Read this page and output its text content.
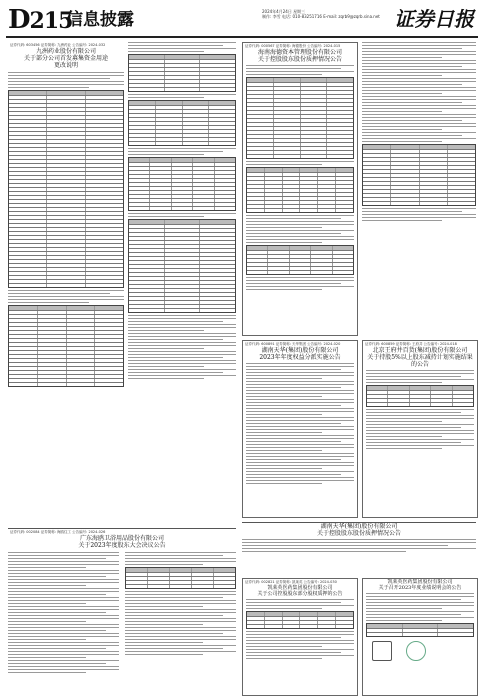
D215
信息披露	2024年4月24日 星期三
制作: 李雪 电话: 010-83251716 E-mail: zqrb9@zqrb.sina.net 证券日报
证券代码: 603456 证券简称: 九洲药业 公告编号: 2024-032
九洲药业股份有限公司
关于部分公司首发募集资金用途
更改说明
证券代码: 002084 证券简称: 海鸥住工 公告编号: 2024-026
广东海鸥卫浴用品股份有限公司
关于2023年度股东大会决议公告
证券代码: 000567 证券简称: 海德股份 公告编号: 2024-015
海南海德资本管理股份有限公司
关于控股股东股份质押情况公告
证券代码: 600891 证券简称: 天华集团 公告编号: 2024-020
湖南天华(集团)股份有限公司
2023年年度权益分派实施公告
证券代码: 600859 证券简称: 王府井 公告编号: 2024-018
北京王府井百货(集团)股份有限公司
关于持股5%以上股东减持计划实施结果
的公告
湖南天华(集团)股份有限公司
关于控股股东股份质押情况公告
证券代码: 002821 证券简称: 凯莱英 公告编号: 2024-030
凯莱英医药集团股份有限公司
关于公司控股股东部分股权质押的公告
凯莱英医药集团股份有限公司
关于召开2023年度业绩说明会的公告
